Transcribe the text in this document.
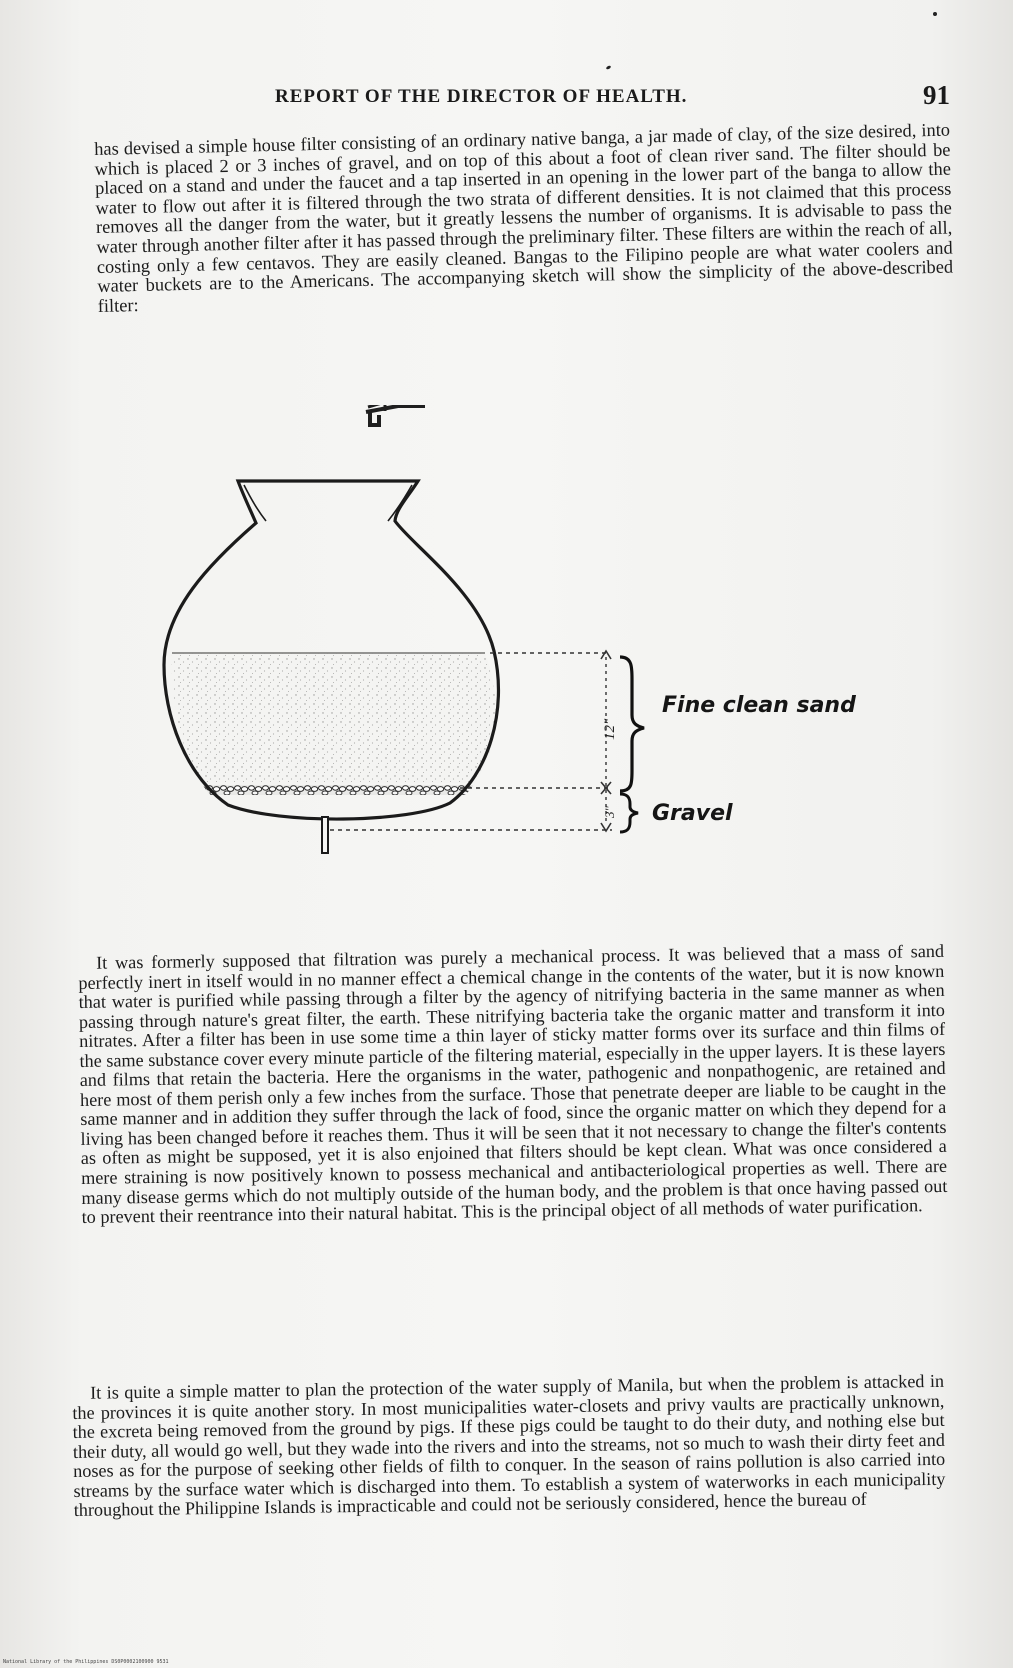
REPORT OF THE DIRECTOR OF HEALTH.	91

has devised a simple house filter consisting of an ordinary native banga, a jar made of clay, of the size desired, into which is placed 2 or 3 inches of gravel, and on top of this about a foot of clean river sand. The filter should be placed on a stand and under the faucet and a tap inserted in an opening in the lower part of the banga to allow the water to flow out after it is filtered through the two strata of different densities. It is not claimed that this process removes all the danger from the water, but it greatly lessens the number of organisms. It is advisable to pass the water through another filter after it has passed through the preliminary filter. These filters are within the reach of all, costing only a few centavos. They are easily cleaned. Bangas to the Filipino people are what water coolers and water buckets are to the Americans. The accompanying sketch will show the simplicity of the above-described filter:

12"
3"
Fine clean sand
Gravel

It was formerly supposed that filtration was purely a mechanical process. It was believed that a mass of sand perfectly inert in itself would in no manner effect a chemical change in the contents of the water, but it is now known that water is purified while passing through a filter by the agency of nitrifying bacteria in the same manner as when passing through nature's great filter, the earth. These nitrifying bacteria take the organic matter and transform it into nitrates. After a filter has been in use some time a thin layer of sticky matter forms over its surface and thin films of the same substance cover every minute particle of the filtering material, especially in the upper layers. It is these layers and films that retain the bacteria. Here the organisms in the water, pathogenic and nonpathogenic, are retained and here most of them perish only a few inches from the surface. Those that penetrate deeper are liable to be caught in the same manner and in addition they suffer through the lack of food, since the organic matter on which they depend for a living has been changed before it reaches them. Thus it will be seen that it not necessary to change the filter's contents as often as might be supposed, yet it is also enjoined that filters should be kept clean. What was once considered a mere straining is now positively known to possess mechanical and antibacteriological properties as well. There are many disease germs which do not multiply outside of the human body, and the problem is that once having passed out to prevent their reentrance into their natural habitat. This is the principal object of all methods of water purification.

It is quite a simple matter to plan the protection of the water supply of Manila, but when the problem is attacked in the provinces it is quite another story. In most municipalities water-closets and privy vaults are practically unknown, the excreta being removed from the ground by pigs. If these pigs could be taught to do their duty, and nothing else but their duty, all would go well, but they wade into the rivers and into the streams, not so much to wash their dirty feet and noses as for the purpose of seeking other fields of filth to conquer. In the season of rains pollution is also carried into streams by the surface water which is discharged into them. To establish a system of waterworks in each municipality throughout the Philippine Islands is impracticable and could not be seriously considered, hence the bureau of

National Library of the Philippines DS0P0002100900 9531
